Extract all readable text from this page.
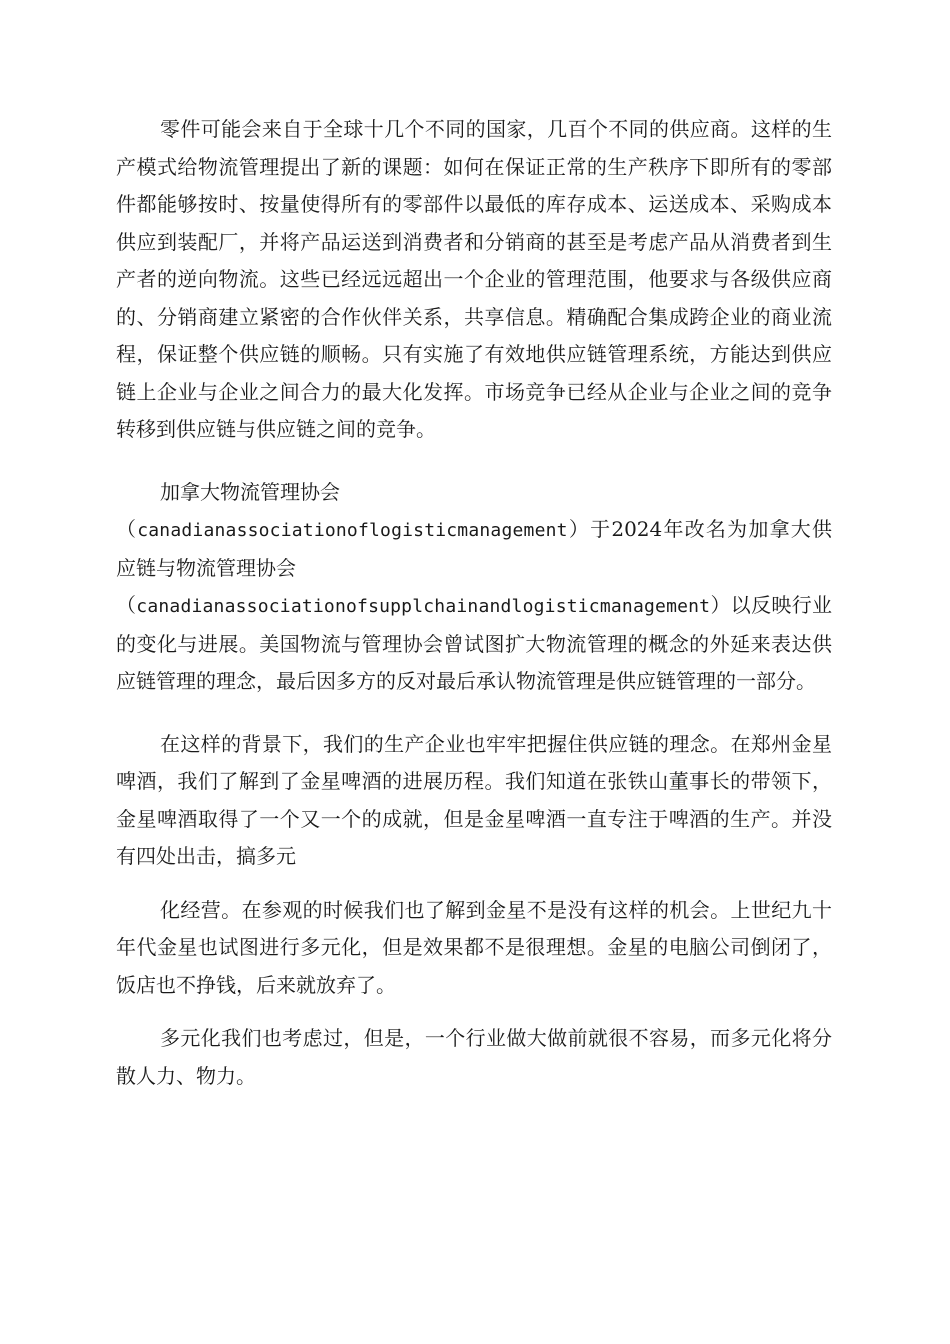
零件可能会来自于全球十几个不同的国家，几百个不同的供应商。这样的生产模式给物流管理提出了新的课题：如何在保证正常的生产秩序下即所有的零部件都能够按时、按量使得所有的零部件以最低的库存成本、运送成本、采购成本供应到装配厂，并将产品运送到消费者和分销商的甚至是考虑产品从消费者到生产者的逆向物流。这些已经远远超出一个企业的管理范围，他要求与各级供应商的、分销商建立紧密的合作伙伴关系，共享信息。精确配合集成跨企业的商业流程，保证整个供应链的顺畅。只有实施了有效地供应链管理系统，方能达到供应链上企业与企业之间合力的最大化发挥。市场竞争已经从企业与企业之间的竞争转移到供应链与供应链之间的竞争。

加拿大物流管理协会
（canadianassociationoflogisticmanagement）于2024年改名为加拿大供应链与物流管理协会
（canadianassociationofsupplchainandlogisticmanagement）以反映行业的变化与进展。美国物流与管理协会曾试图扩大物流管理的概念的外延来表达供应链管理的理念，最后因多方的反对最后承认物流管理是供应链管理的一部分。

在这样的背景下，我们的生产企业也牢牢把握住供应链的理念。在郑州金星啤酒，我们了解到了金星啤酒的进展历程。我们知道在张铁山董事长的带领下，金星啤酒取得了一个又一个的成就，但是金星啤酒一直专注于啤酒的生产。并没有四处出击，搞多元

化经营。在参观的时候我们也了解到金星不是没有这样的机会。上世纪九十年代金星也试图进行多元化，但是效果都不是很理想。金星的电脑公司倒闭了，饭店也不挣钱，后来就放弃了。

多元化我们也考虑过，但是，一个行业做大做前就很不容易，而多元化将分散人力、物力。
